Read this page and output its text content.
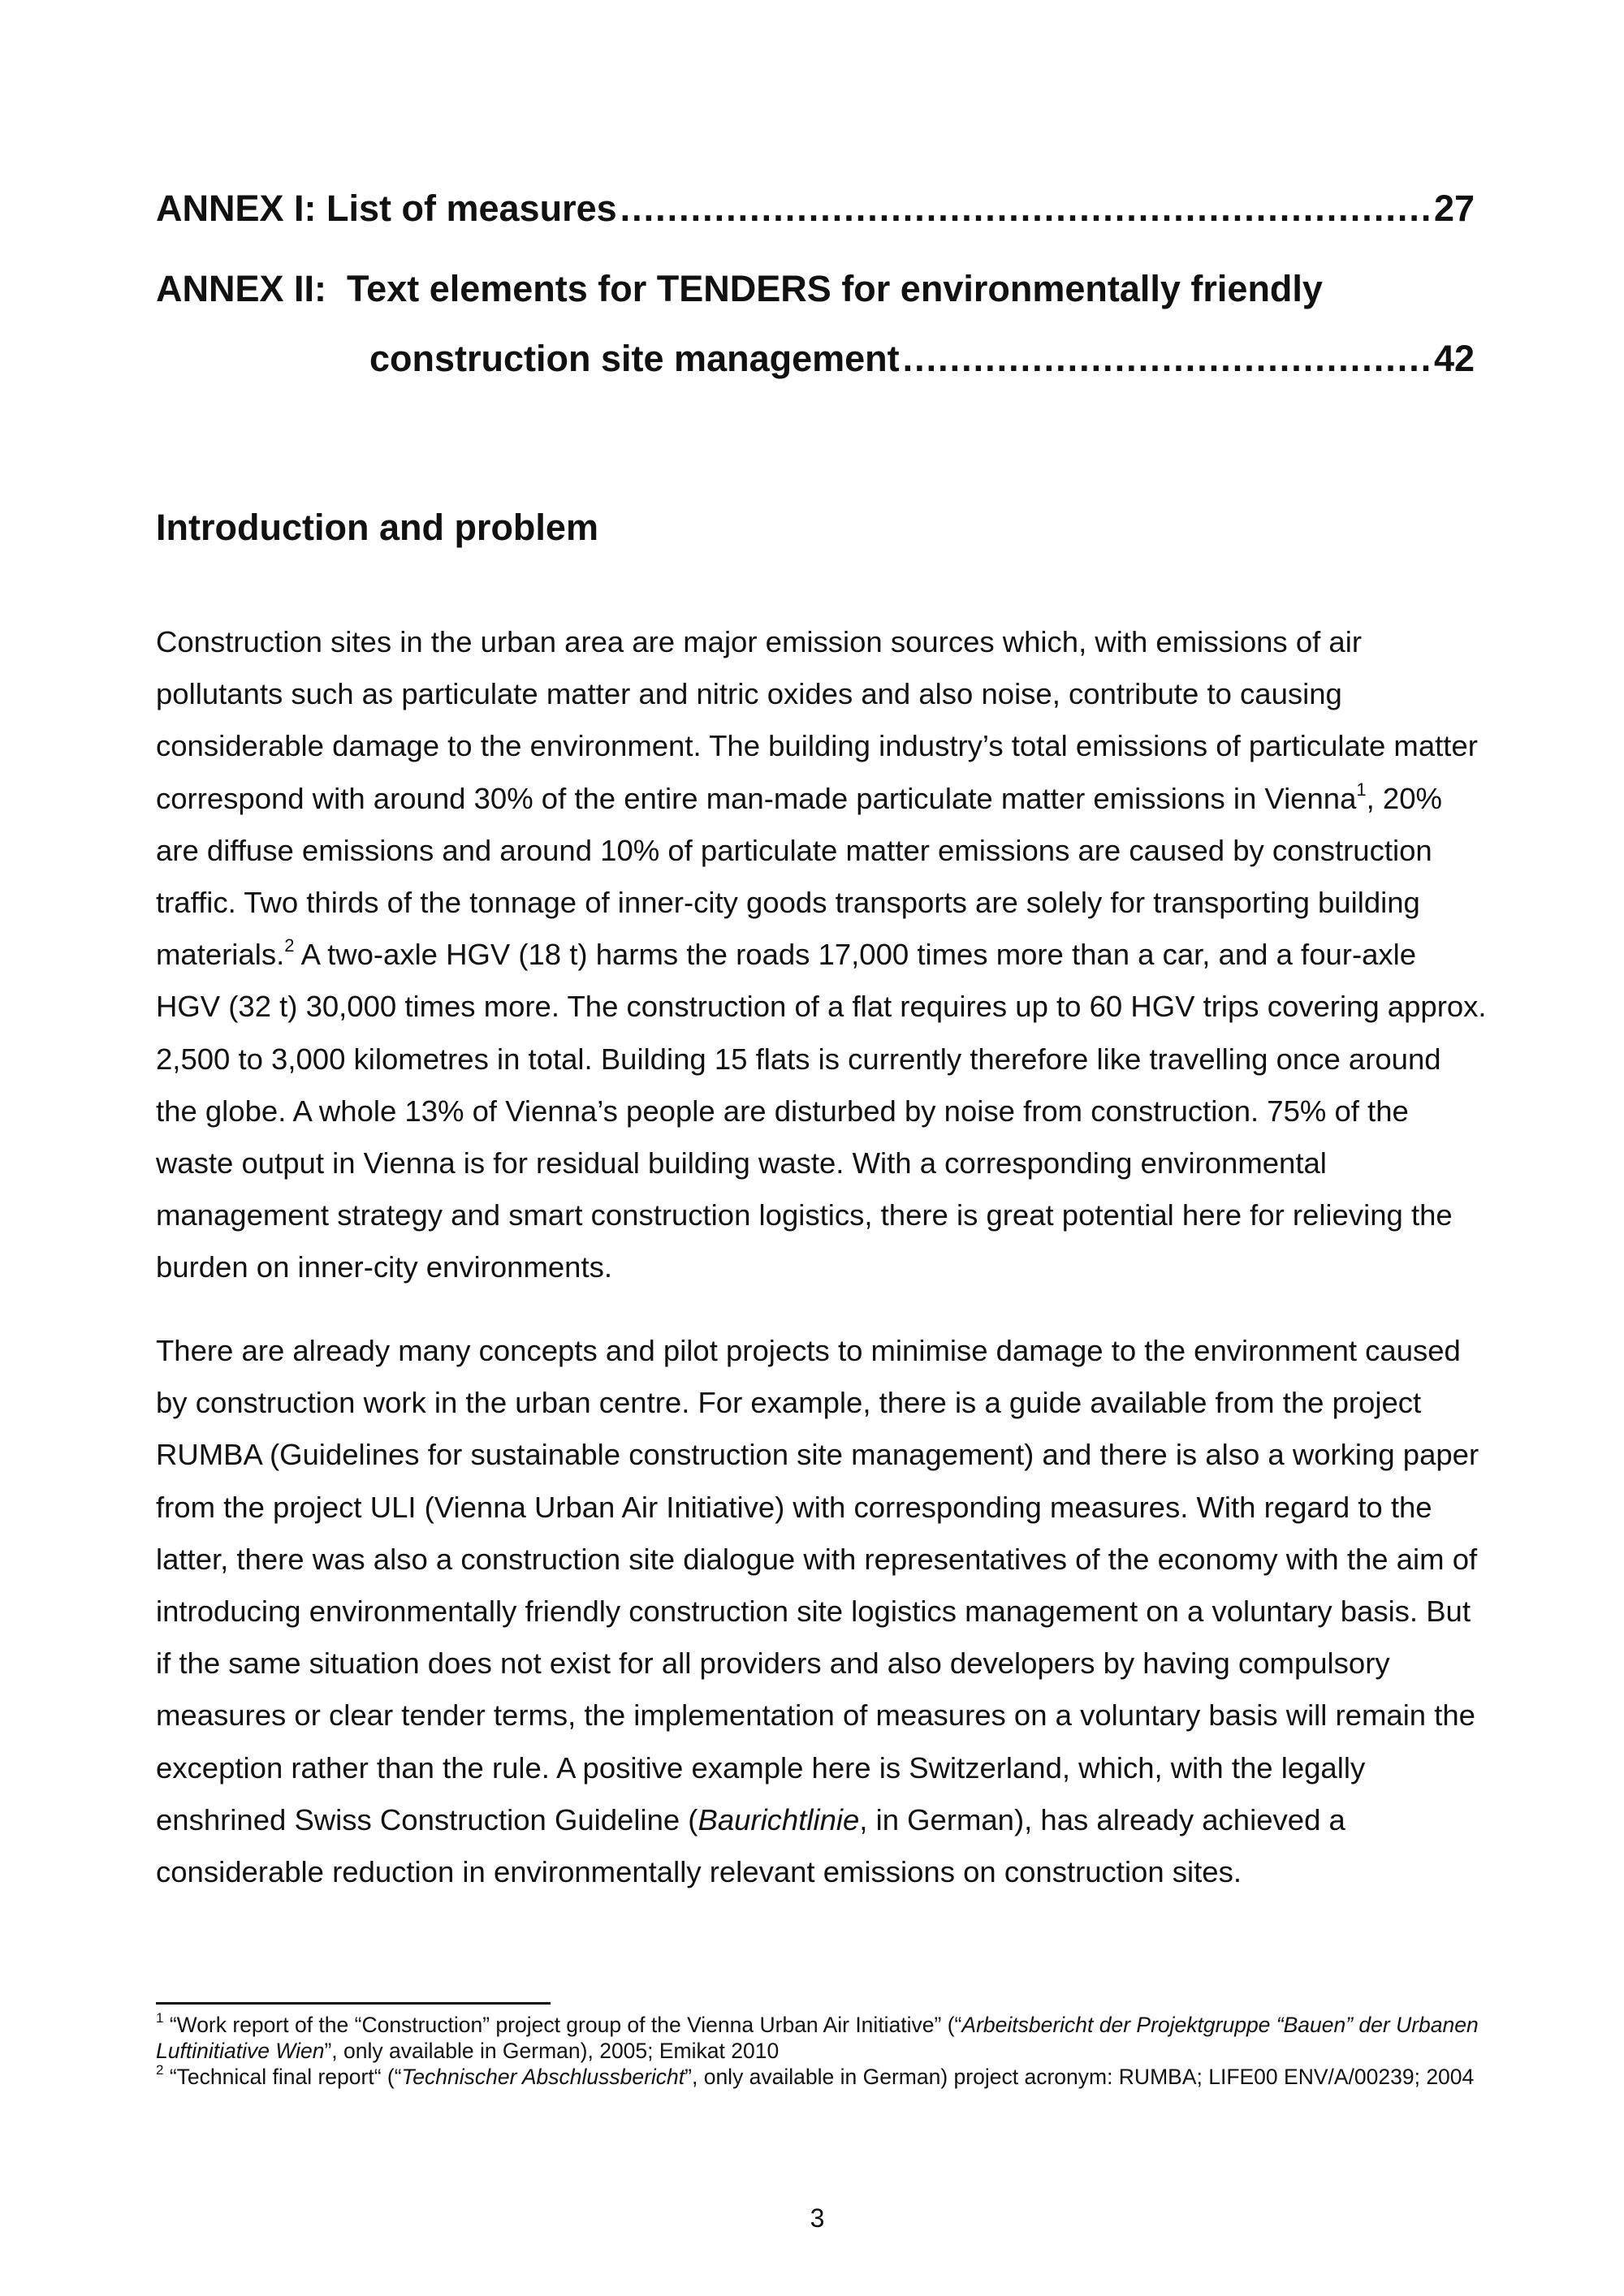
ANNEX I: List of measures .....	27
ANNEX II:  Text elements for TENDERS for environmentally friendly
construction site management .....	42
Introduction and problem

Construction sites in the urban area are major emission sources which, with emissions of air pollutants such as particulate matter and nitric oxides and also noise, contribute to causing considerable damage to the environment. The building industry’s total emissions of particulate matter correspond with around 30% of the entire man-made particulate matter emissions in Vienna$^1$, 20% are diffuse emissions and around 10% of particulate matter emissions are caused by construction traffic. Two thirds of the tonnage of inner-city goods transports are solely for transporting building materials.$^2$ A two-axle HGV (18 t) harms the roads 17,000 times more than a car, and a four-axle HGV (32 t) 30,000 times more. The construction of a flat requires up to 60 HGV trips covering approx. 2,500 to 3,000 kilometres in total. Building 15 flats is currently therefore like travelling once around the globe. A whole 13% of Vienna’s people are disturbed by noise from construction. 75% of the waste output in Vienna is for residual building waste. With a corresponding environmental management strategy and smart construction logistics, there is great potential here for relieving the burden on inner-city environments.

There are already many concepts and pilot projects to minimise damage to the environment caused by construction work in the urban centre. For example, there is a guide available from the project RUMBA (Guidelines for sustainable construction site management) and there is also a working paper from the project ULI (Vienna Urban Air Initiative) with corresponding measures. With regard to the latter, there was also a construction site dialogue with representatives of the economy with the aim of introducing environmentally friendly construction site logistics management on a voluntary basis. But if the same situation does not exist for all providers and also developers by having compulsory measures or clear tender terms, the implementation of measures on a voluntary basis will remain the exception rather than the rule. A positive example here is Switzerland, which, with the legally enshrined Swiss Construction Guideline (Baurichtlinie, in German), has already achieved a considerable reduction in environmentally relevant emissions on construction sites.

$^1$ “Work report of the “Construction” project group of the Vienna Urban Air Initiative” (“Arbeitsbericht der Projektgruppe “Bauen” der Urbanen Luftinitiative Wien”, only available in German), 2005; Emikat 2010

$^2$ “Technical final report“ (“Technischer Abschlussbericht”, only available in German) project acronym: RUMBA; LIFE00 ENV/A/00239; 2004

3
